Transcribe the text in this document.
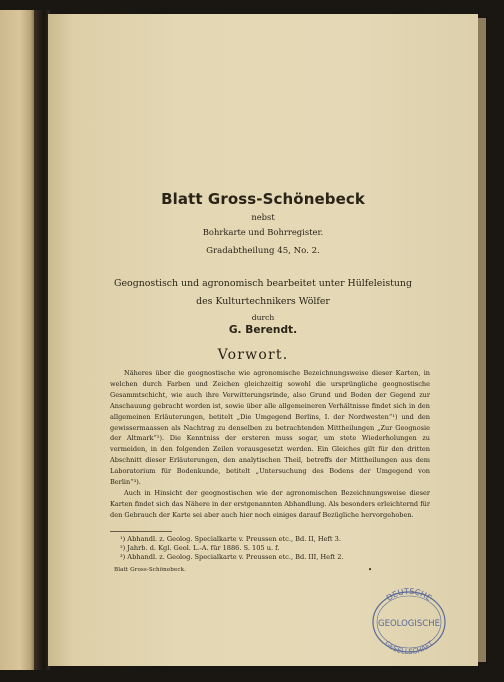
Blatt Gross-Schönebeck
nebst
Bohrkarte und Bohrregister.
Gradabtheilung 45, No. 2.
Geognostisch und agronomisch bearbeitet unter Hülfeleistung
des Kulturtechnikers Wölfer
durch
G. Berendt.
Vorwort.

Näheres über die geognostische wie agronomische Bezeichnungsweise dieser Karten, in welchen durch Farben und Zeichen gleichzeitig sowohl die ursprüngliche geognostische Gesammtschicht, wie auch ihre Verwitterungsrinde, also Grund und Boden der Gegend zur Anschauung gebracht worden ist, sowie über alle allgemeineren Verhältnisse findet sich in den allgemeinen Erläuterungen, betitelt „Die Umgegend Berlins, I. der Nordwesten“¹) und den gewissermaassen als Nachtrag zu denselben zu betrachtenden Mittheilungen „Zur Geognosie der Altmark“²). Die Kenntniss der ersteren muss sogar, um stete Wiederholungen zu vermeiden, in den folgenden Zeilen vorausgesetzt werden. Ein Gleiches gilt für den dritten Abschnitt dieser Erläuterungen, den analytischen Theil, betreffs der Mittheilungen aus dem Laboratorium für Bodenkunde, betitelt „Untersuchung des Bodens der Umgegend von Berlin“³).

Auch in Hinsicht der geognostischen wie der agronomischen Bezeichnungsweise dieser Karten findet sich das Nähere in der erstgenannten Abhandlung. Als besonders erleichternd für den Gebrauch der Karte sei aber auch hier noch einiges darauf Bezügliche hervorgehoben.

¹) Abhandl. z. Geolog. Specialkarte v. Preussen etc., Bd. II, Heft 3.
²) Jahrb. d. Kgl. Geol. L.-A. für 1886. S. 105 u. f.
³) Abhandl. z. Geolog. Specialkarte v. Preussen etc., Bd. III, Heft 2.
Blatt Gross-Schönebeck.	•
DEUTSCHE
GEOLOGISCHE
GESELLSCHAFT
